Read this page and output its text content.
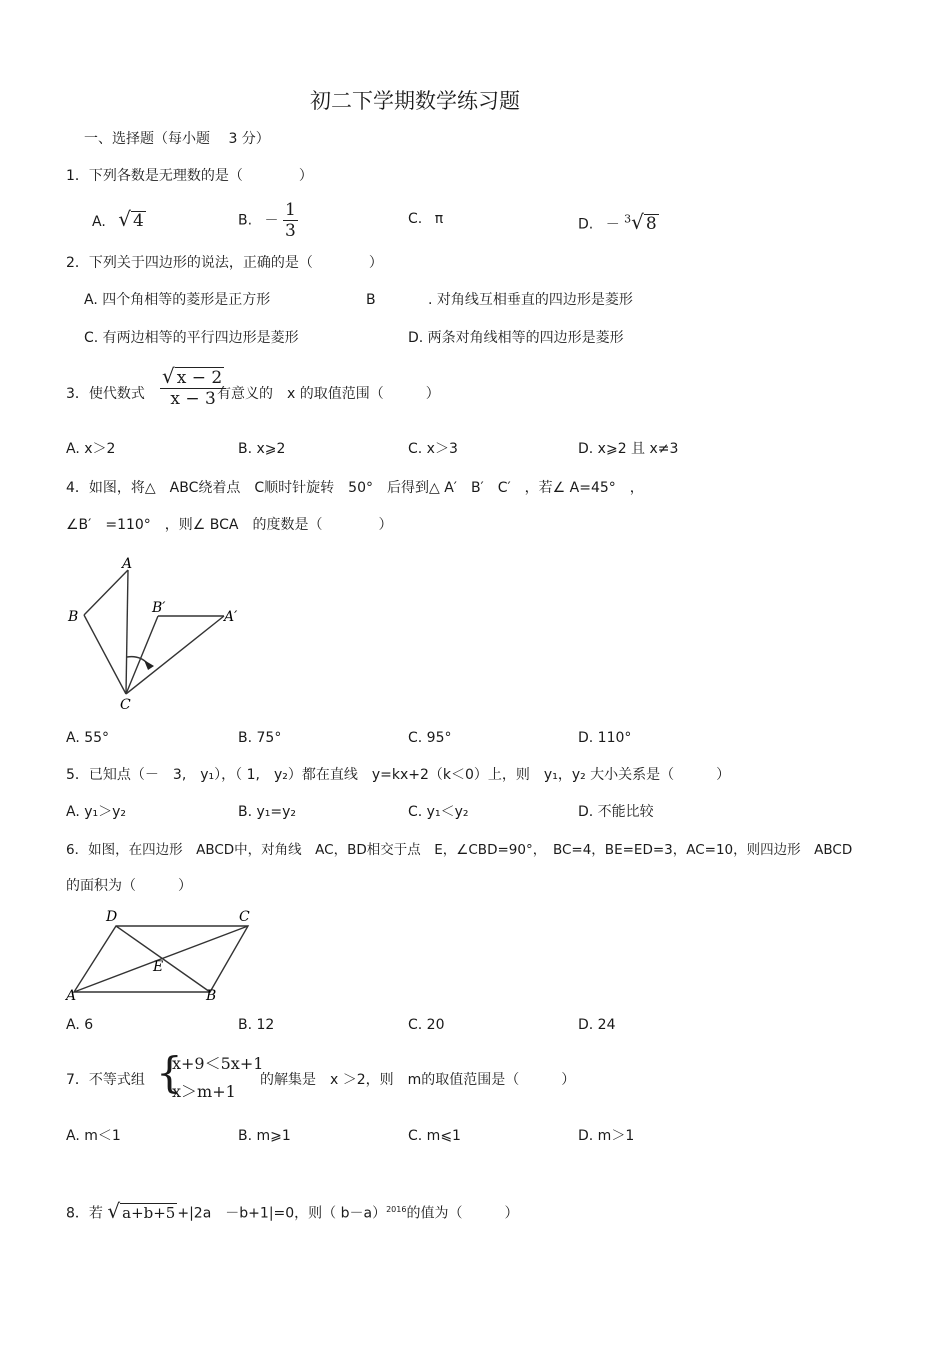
初二下学期数学练习题
一、选择题（每小题　 3 分）
1．下列各数是无理数的是（　　　　）
A. √ 4	B. － $\frac{1}{3}$	C. π	D. － $^3$√ 8
2．下列关于四边形的说法，正确的是（　　　　）
A. 四个角相等的菱形是正方形	B	. 对角线互相垂直的四边形是菱形
C. 有两边相等的平行四边形是菱形	D. 两条对角线相等的四边形是菱形
3．使代数式 $\frac{√ x - 2}{x - 3}$
有意义的　x 的取值范围（　　　）
A. x＞2	B. x⩾2	C. x＞3	D. x⩾2 且 x≠3
4．如图，将△　ABC绕着点　C顺时针旋转　50°　后得到△ A′　B′　C′　，若∠ A=45°　，
∠B′　=110°　，则∠ BCA　的度数是（　　　　）
A
B
B′
A′
C
A. 55°	B. 75°	C. 95°	D. 110°
5．已知点（－　3,　y₁），（ 1,　y₂）都在直线　y=kx+2（k＜0）上，则　y₁，y₂ 大小关系是（　　　）
A. y₁＞y₂	B. y₁=y₂	C. y₁＜y₂	D. 不能比较
6．如图，在四边形　ABCD中，对角线　AC，BD相交于点　E，∠CBD=90°，　BC=4，BE=ED=3，AC=10，则四边形　ABCD
的面积为（　　　）
A	B
C
D
E
A. 6	B. 12	C. 20	D. 24
7．不等式组 {
x+9＜5x+1
x＞m+1
的解集是　x ＞2，则　m的取值范围是（　　　）
A. m＜1	B. m⩾1	C. m⩽1	D. m＞1
8．若 √ a+b+5 +|2a　－b+1|=0，则（ b－a）$^{2016}$的值为（　　　）
